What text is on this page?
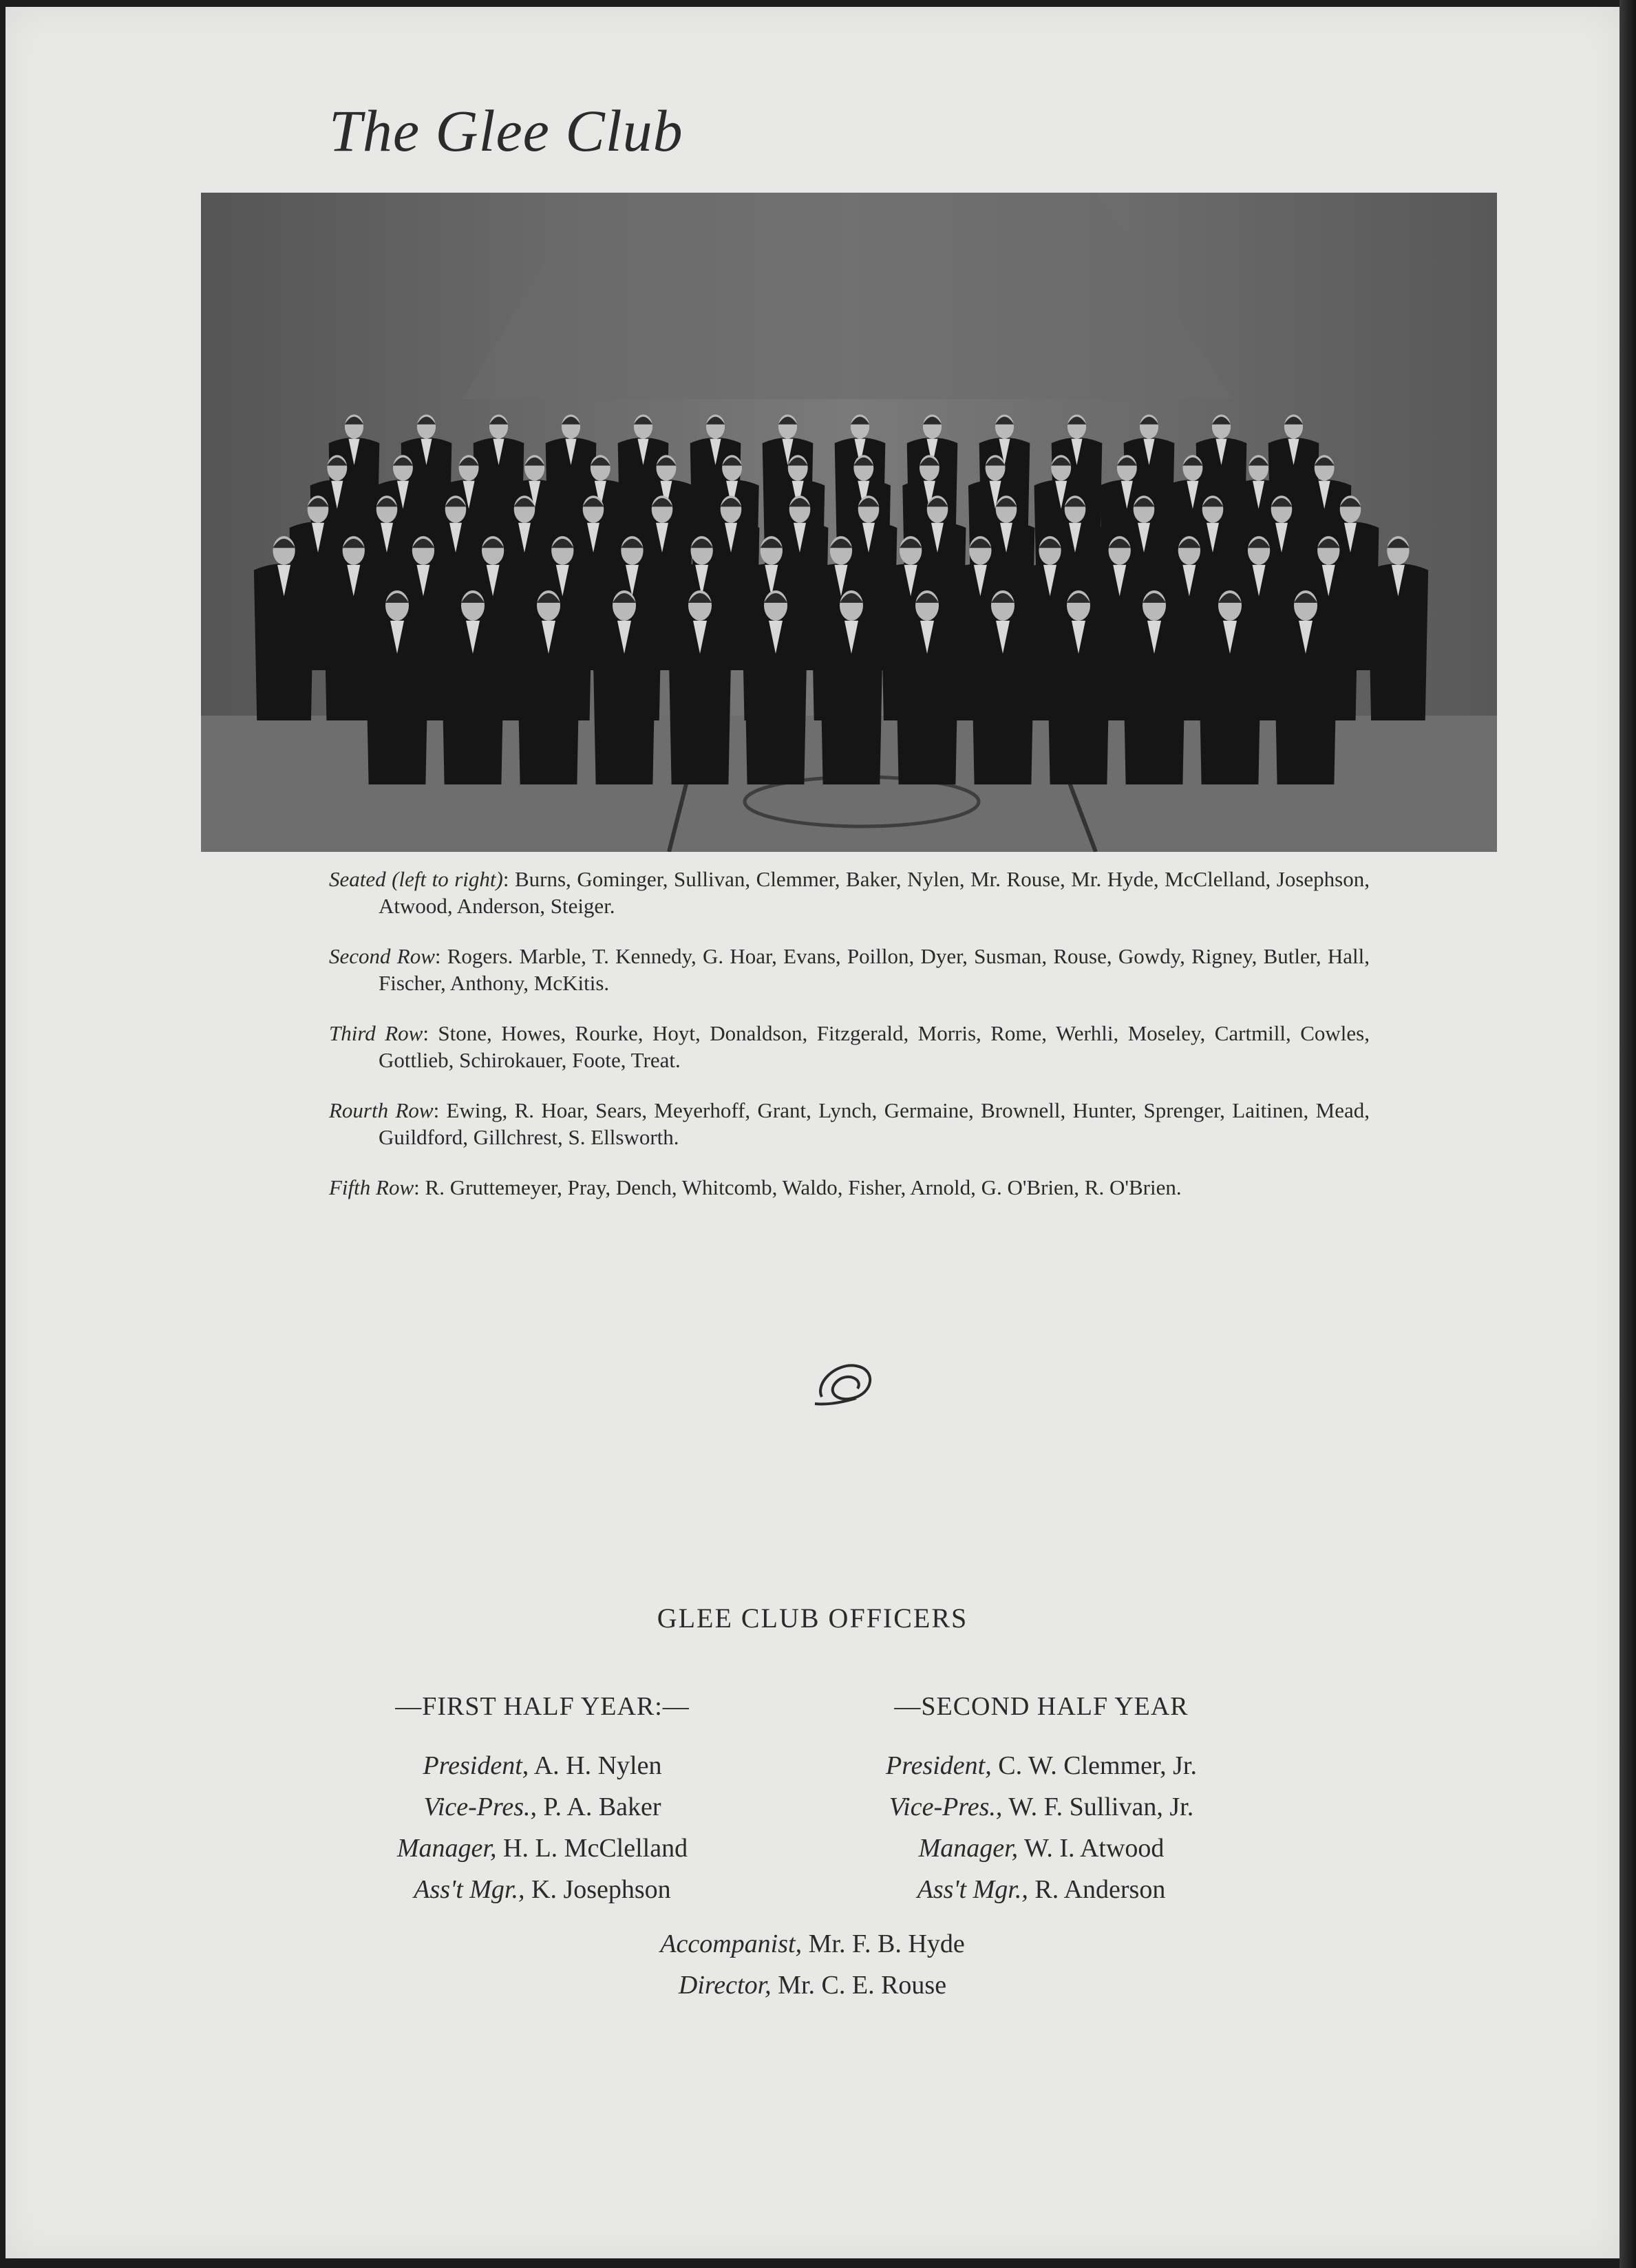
The Glee Club
Seated (left to right): Burns, Gominger, Sullivan, Clemmer, Baker, Nylen, Mr. Rouse, Mr. Hyde, McClelland, Josephson, Atwood, Anderson, Steiger.
Second Row: Rogers. Marble, T. Kennedy, G. Hoar, Evans, Poillon, Dyer, Susman, Rouse, Gowdy, Rigney, Butler, Hall, Fischer, Anthony, McKitis.
Third Row: Stone, Howes, Rourke, Hoyt, Donaldson, Fitzgerald, Morris, Rome, Werhli, Moseley, Cartmill, Cowles, Gottlieb, Schirokauer, Foote, Treat.
Rourth Row: Ewing, R. Hoar, Sears, Meyerhoff, Grant, Lynch, Germaine, Brownell, Hunter, Sprenger, Laitinen, Mead, Guildford, Gillchrest, S. Ellsworth.
Fifth Row: R. Gruttemeyer, Pray, Dench, Whitcomb, Waldo, Fisher, Arnold, G. O'Brien, R. O'Brien.
GLEE CLUB OFFICERS
—FIRST HALF YEAR:—
President, A. H. Nylen
Vice-Pres., P. A. Baker
Manager, H. L. McClelland
Ass't Mgr., K. Josephson
—SECOND HALF YEAR
President, C. W. Clemmer, Jr.
Vice-Pres., W. F. Sullivan, Jr.
Manager, W. I. Atwood
Ass't Mgr., R. Anderson
Accompanist, Mr. F. B. Hyde
Director, Mr. C. E. Rouse
